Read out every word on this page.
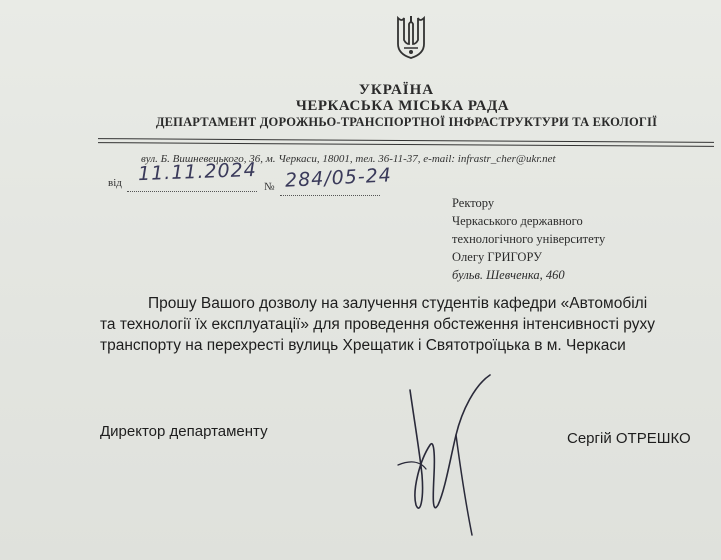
УКРАЇНА
ЧЕРКАСЬКА МІСЬКА РАДА
ДЕПАРТАМЕНТ ДОРОЖНЬО-ТРАНСПОРТНОЇ ІНФРАСТРУКТУРИ ТА ЕКОЛОГІЇ
вул. Б. Вишневецького, 36, м. Черкаси, 18001, тел. 36-11-37, e-mail: infrastr_cher@ukr.net
від 11.11.2024
№ 284/05-24
Ректору
Черкаського державного
технологічного університету
Олегу ГРИГОРУ
бульв. Шевченка, 460
Прошу Вашого дозволу на залучення студентів кафедри «Автомобілі
та технології їх експлуатації» для проведення обстеження інтенсивності руху
транспорту на перехресті вулиць Хрещатик і Святотроїцька в м. Черкаси
Директор департаменту	Сергій ОТРЕШКО
